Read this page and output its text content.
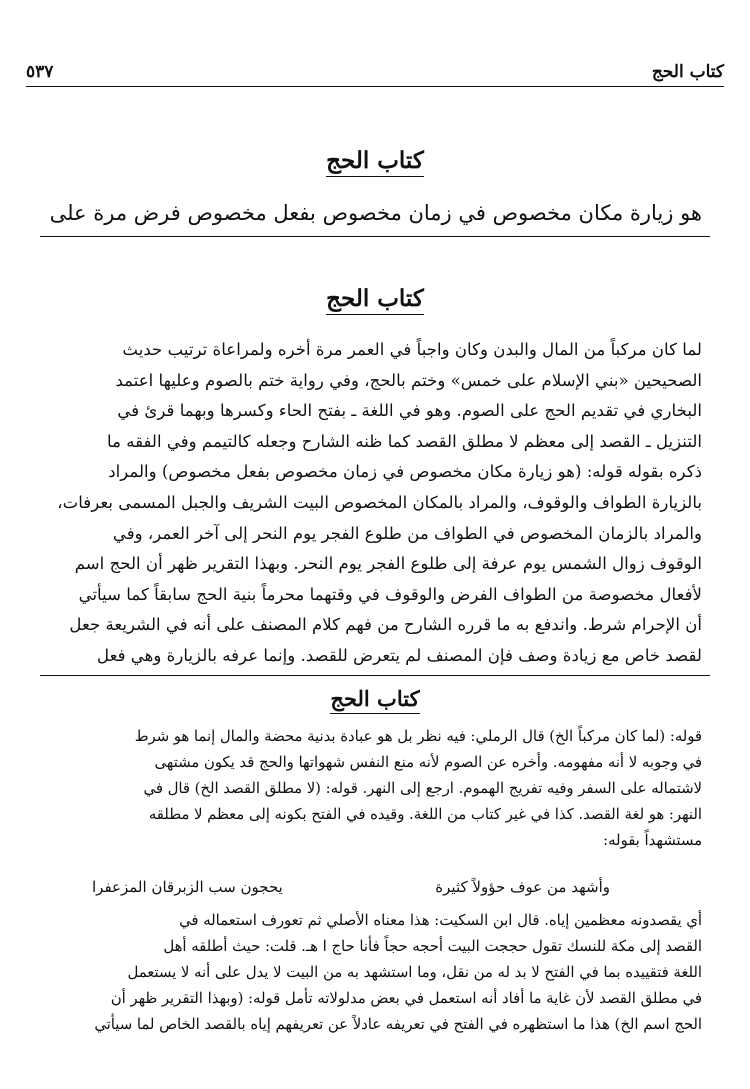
كتاب الحج
٥٣٧
كتاب الحج
هو زيارة مكان مخصوص في زمان مخصوص بفعل مخصوص فرض مرة على
كتاب الحج

لما كان مركباً من المال والبدن وكان واجباً في العمر مرة أخره ولمراعاة ترتيب حديث

الصحيحين «بني الإسلام على خمس» وختم بالحج، وفي رواية ختم بالصوم وعليها اعتمد

البخاري في تقديم الحج على الصوم. وهو في اللغة ـ بفتح الحاء وكسرها وبهما قرئ في

التنزيل ـ القصد إلى معظم لا مطلق القصد كما ظنه الشارح وجعله كالتيمم وفي الفقه ما

ذكره بقوله قوله: (هو زيارة مكان مخصوص في زمان مخصوص بفعل مخصوص) والمراد

بالزيارة الطواف والوقوف، والمراد بالمكان المخصوص البيت الشريف والجبل المسمى بعرفات،

والمراد بالزمان المخصوص في الطواف من طلوع الفجر يوم النحر إلى آخر العمر، وفي

الوقوف زوال الشمس يوم عرفة إلى طلوع الفجر يوم النحر. وبهذا التقرير ظهر أن الحج اسم

لأفعال مخصوصة من الطواف الفرض والوقوف في وقتهما محرماً بنية الحج سابقاً كما سيأتي

أن الإحرام شرط. واندفع به ما قرره الشارح من فهم كلام المصنف على أنه في الشريعة جعل

لقصد خاص مع زيادة وصف فإن المصنف لم يتعرض للقصد. وإنما عرفه بالزيارة وهي فعل

كتاب الحج

قوله: (لما كان مركباً الخ) قال الرملي: فيه نظر بل هو عبادة بدنية محضة والمال إنما هو شرط

في وجوبه لا أنه مفهومه. وأخره عن الصوم لأنه منع النفس شهواتها والحج قد يكون مشتهى

لاشتماله على السفر وفيه تفريج الهموم. ارجع إلى النهر. قوله: (لا مطلق القصد الخ) قال في

النهر: هو لغة القصد. كذا في غير كتاب من اللغة. وقيده في الفتح بكونه إلى معظم لا مطلقه

مستشهداً بقوله:

وأشهد من عوف حؤولاً كثيرة
يحجون سب الزبرقان المزعفرا

أي يقصدونه معظمين إياه. قال ابن السكيت: هذا معناه الأصلي ثم تعورف استعماله في

القصد إلى مكة للنسك تقول حججت البيت أحجه حجاً فأنا حاج ا هـ. قلت: حيث أطلقه أهل

اللغة فتقييده بما في الفتح لا بد له من نقل، وما استشهد به من البيت لا يدل على أنه لا يستعمل

في مطلق القصد لأن غاية ما أفاد أنه استعمل في بعض مدلولاته تأمل قوله: (وبهذا التقرير ظهر أن

الحج اسم الخ) هذا ما استظهره في الفتح في تعريفه عادلاً عن تعريفهم إياه بالقصد الخاص لما سيأتي
